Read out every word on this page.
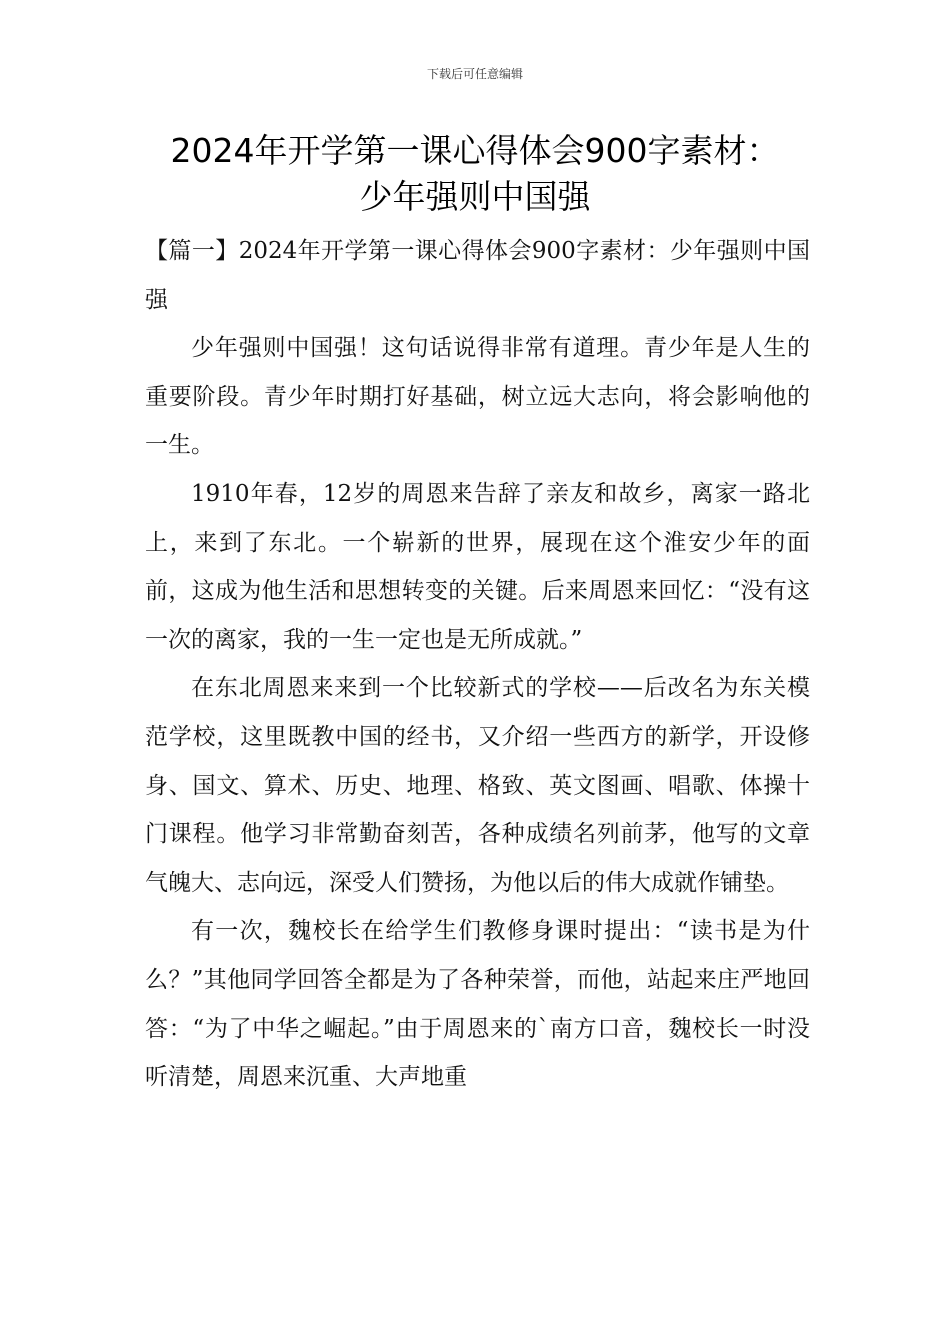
下载后可任意编辑
2024年开学第一课心得体会900字素材：
少年强则中国强

【篇一】2024年开学第一课心得体会900字素材：少年强则中国强

少年强则中国强！这句话说得非常有道理。青少年是人生的重要阶段。青少年时期打好基础，树立远大志向，将会影响他的一生。

1910年春，12岁的周恩来告辞了亲友和故乡，离家一路北上，来到了东北。一个崭新的世界，展现在这个淮安少年的面前，这成为他生活和思想转变的关键。后来周恩来回忆：“没有这一次的离家，我的一生一定也是无所成就。”

在东北周恩来来到一个比较新式的学校——后改名为东关模范学校，这里既教中国的经书，又介绍一些西方的新学，开设修身、国文、算术、历史、地理、格致、英文图画、唱歌、体操十门课程。他学习非常勤奋刻苦，各种成绩名列前茅，他写的文章气魄大、志向远，深受人们赞扬，为他以后的伟大成就作铺垫。

有一次，魏校长在给学生们教修身课时提出：“读书是为什么？”其他同学回答全都是为了各种荣誉，而他，站起来庄严地回答：“为了中华之崛起。”由于周恩来的`南方口音，魏校长一时没听清楚，周恩来沉重、大声地重
